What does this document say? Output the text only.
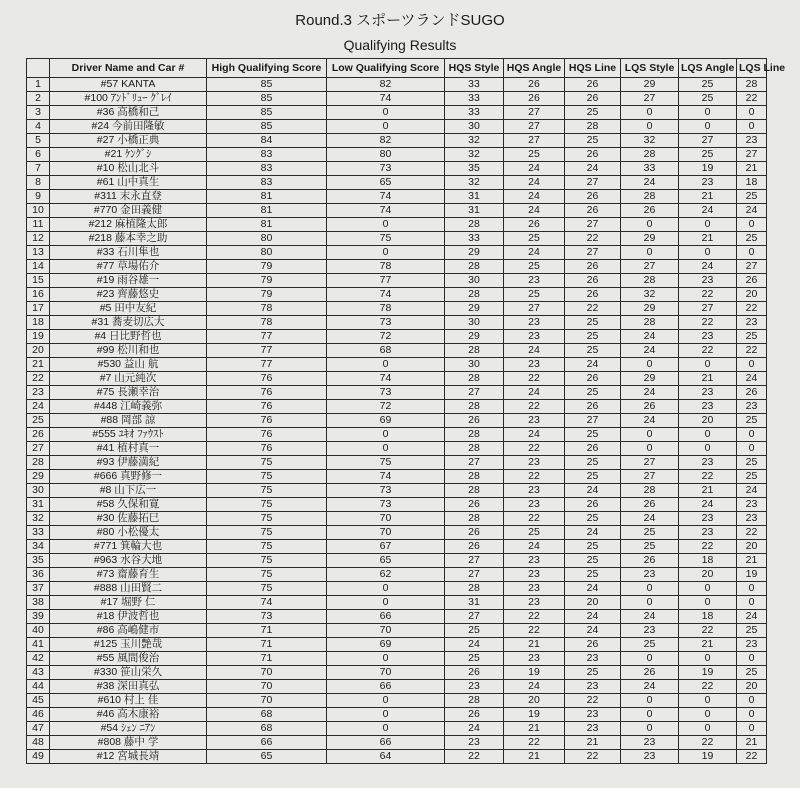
Round.3 スポーツランドSUGO
Qualifying Results
	Driver Name and Car #	High Qualifying Score	Low Qualifying Score	HQS Style	HQS Angle	HQS Line	LQS Style	LQS Angle	LQS Line
1	#57 KANTA	85	82	33	26	26	29	25	28
2	#100 ｱﾝﾄﾞﾘｭｰ ｸﾞﾚｲ	85	74	33	26	26	27	25	22
3	#36 高橋和己	85	0	33	27	25	0	0	0
4	#24 今前田隆敏	85	0	30	27	28	0	0	0
5	#27 小橋正典	84	82	32	27	25	32	27	23
6	#21 ｹﾝｸﾞｼ	83	80	32	25	26	28	25	27
7	#10 松山北斗	83	73	35	24	24	33	19	21
8	#61 山中真生	83	65	32	24	27	24	23	18
9	#311 末永直登	81	74	31	24	26	28	21	25
10	#770 金田義健	81	74	31	24	26	26	24	24
11	#212 麻植隆太郎	81	0	28	26	27	0	0	0
12	#218 藤本幸之助	80	75	33	25	22	29	21	25
13	#33 石川隼也	80	0	29	24	27	0	0	0
14	#77 草場佑介	79	78	28	25	26	27	24	27
15	#19 雨谷雄一	79	77	30	23	26	28	23	26
16	#23 齊藤悠史	79	74	28	25	26	32	22	20
17	#5 田中友紀	78	78	29	27	22	29	27	22
18	#31 蕎麦切広大	78	73	30	23	25	28	22	23
19	#4 日比野哲也	77	72	29	23	25	24	23	25
20	#99 松川和也	77	68	28	24	25	24	22	22
21	#530 益山 航	77	0	30	23	24	0	0	0
22	#7 山元純次	76	74	28	22	26	29	21	24
23	#75 長瀬幸治	76	73	27	24	25	24	23	26
24	#448 江崎義弥	76	72	28	22	26	26	23	23
25	#88 岡部 諒	76	69	26	23	27	24	20	25
26	#555 ﾕｷｵ ﾌｧｳｽﾄ	76	0	28	24	25	0	0	0
27	#41 植村真一	76	0	28	22	26	0	0	0
28	#93 伊藤満紀	75	75	27	23	25	27	23	25
29	#666 真野修一	75	74	28	22	25	27	22	25
30	#8 山下広一	75	73	28	23	24	28	21	24
31	#58 久保和寛	75	73	26	23	26	26	24	23
32	#30 佐藤拓巳	75	70	28	22	25	24	23	23
33	#80 小松優太	75	70	26	25	24	25	23	22
34	#771 箕輪大也	75	67	26	24	25	25	22	20
35	#963 水谷大地	75	65	27	23	25	26	18	21
36	#73 齋藤育生	75	62	27	23	25	23	20	19
37	#888 山田賢二	75	0	28	23	24	0	0	0
38	#17 堀野 仁	74	0	31	23	20	0	0	0
39	#18 伊波哲也	73	66	27	22	24	24	18	24
40	#86 高嶋健市	71	70	25	22	24	23	22	25
41	#125 玉川艶哉	71	69	24	21	26	25	21	23
42	#55 風間俊治	71	0	25	23	23	0	0	0
43	#330 笹山栄久	70	70	26	19	25	26	19	25
44	#38 深田真弘	70	66	23	24	23	24	22	20
45	#610 村上 佳	70	0	28	20	22	0	0	0
46	#46 高木康裕	68	0	26	19	23	0	0	0
47	#54 ｼｪﾝ ﾆｱﾝ	68	0	24	21	23	0	0	0
48	#808 藤中 学	66	66	23	22	21	23	22	21
49	#12 宮城長靖	65	64	22	21	22	23	19	22
